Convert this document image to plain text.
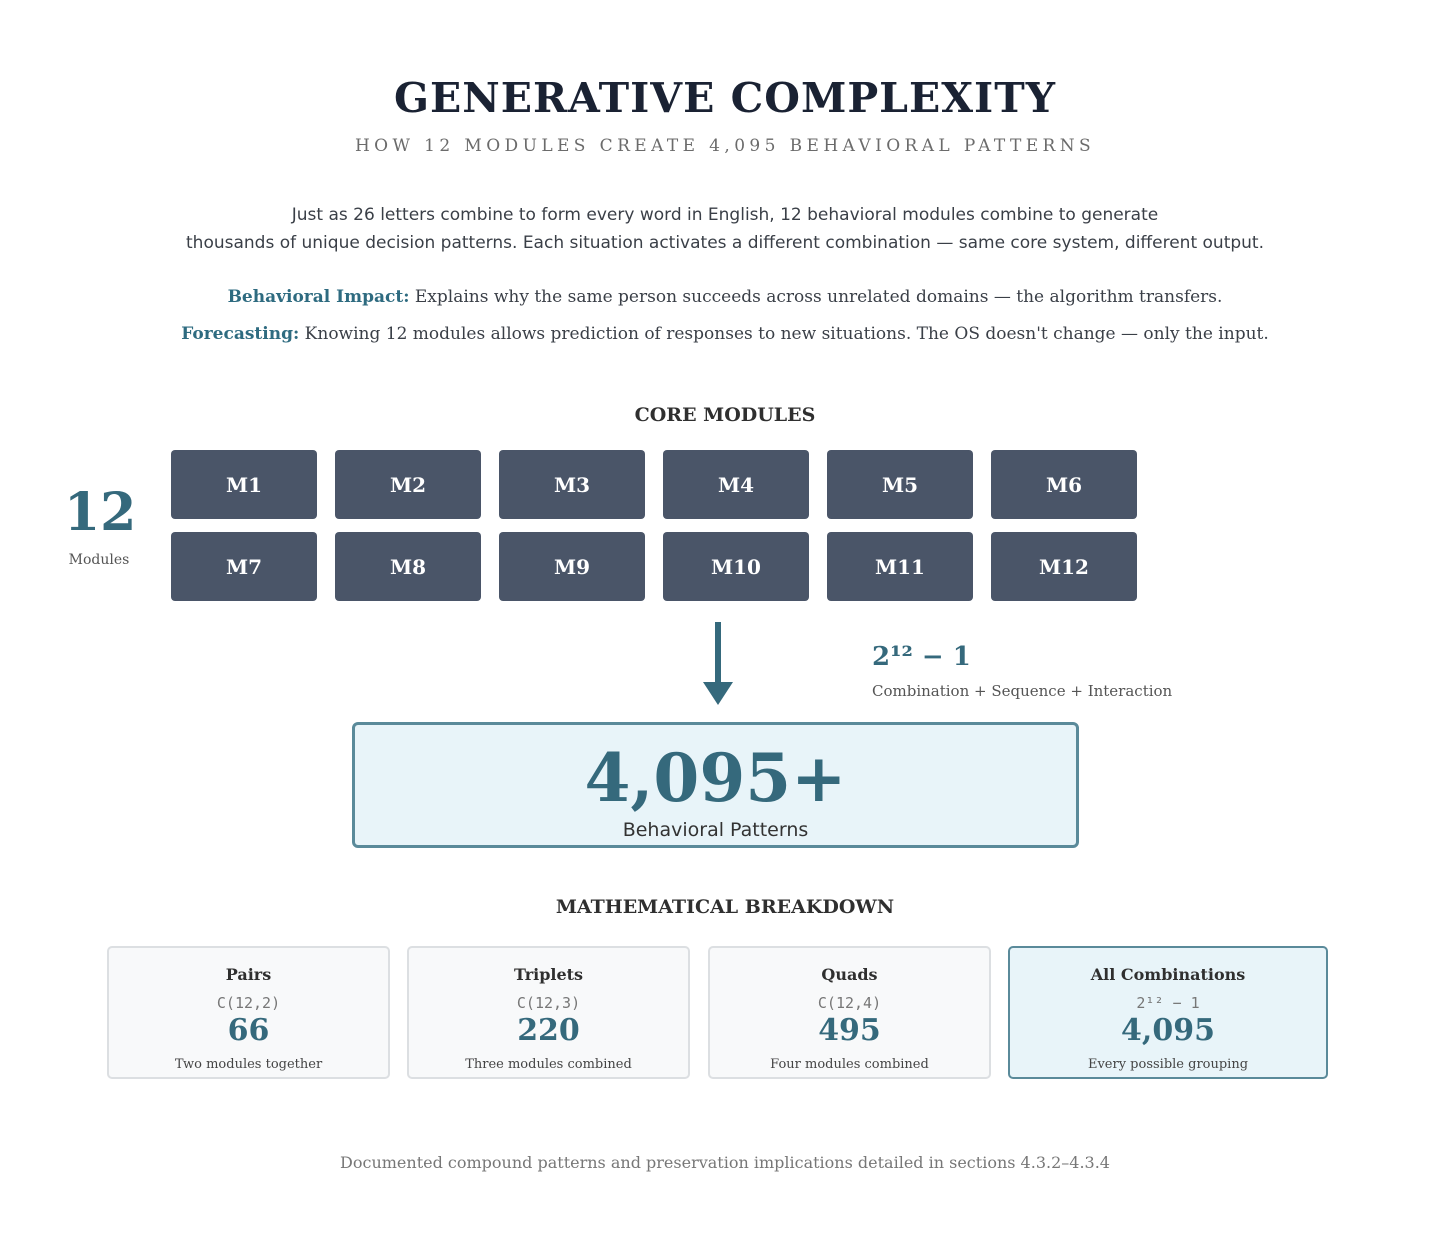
GENERATIVE COMPLEXITY
HOW 12 MODULES CREATE 4,095 BEHAVIORAL PATTERNS
Just as 26 letters combine to form every word in English, 12 behavioral modules combine to generate
thousands of unique decision patterns. Each situation activates a different combination — same core system, different output.
Behavioral Impact: Explains why the same person succeeds across unrelated domains — the algorithm transfers.
Forecasting: Knowing 12 modules allows prediction of responses to new situations. The OS doesn't change — only the input.
CORE MODULES
12
Modules
M1	M2	M3	M4	M5	M6
M7	M8	M9	M10	M11	M12
2¹² − 1
Combination + Sequence + Interaction
4,095+
Behavioral Patterns
MATHEMATICAL BREAKDOWN
Pairs
C(12,2)
66
Two modules together
Triplets
C(12,3)
220
Three modules combined
Quads
C(12,4)
495
Four modules combined
All Combinations
2¹² − 1
4,095
Every possible grouping
Documented compound patterns and preservation implications detailed in sections 4.3.2–4.3.4
